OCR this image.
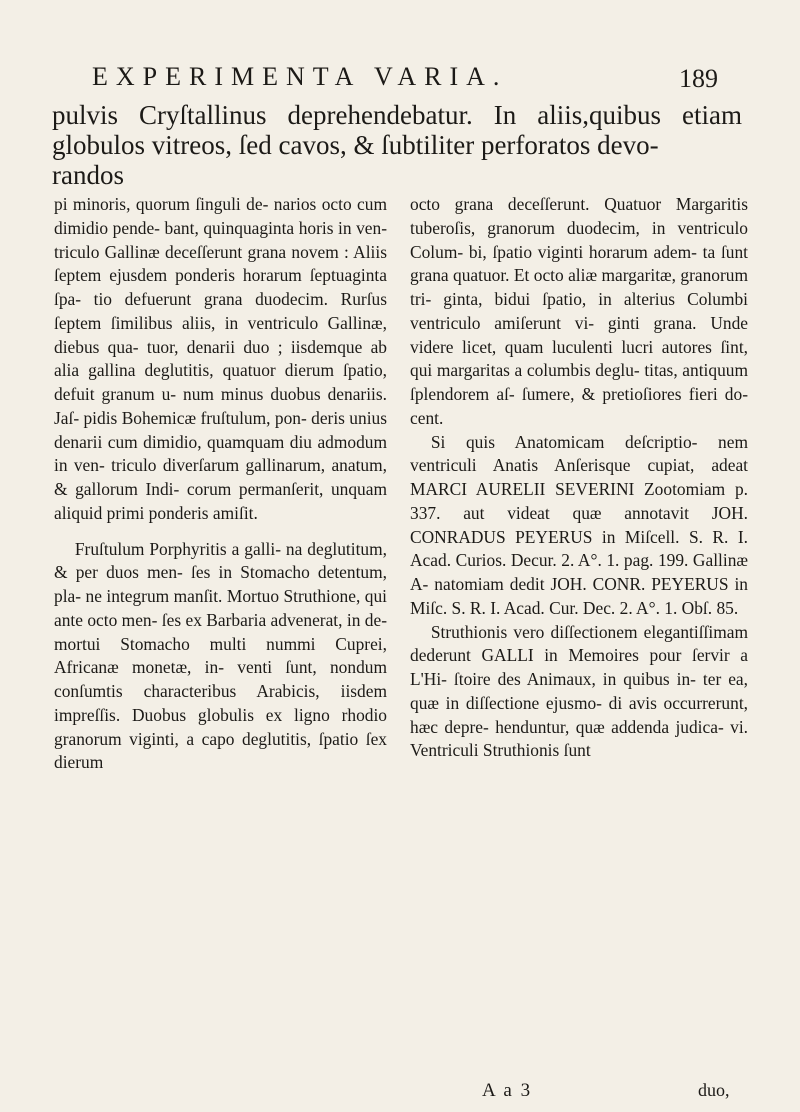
EXPERIMENTA VARIA.	189

pulvis Cryſtallinus deprehendebatur. In aliis,quibus etiam globulos vitreos, ſed cavos, & ſubtiliter perforatos devo-

randos

pi minoris, quorum ſinguli de- narios octo cum dimidio pende- bant, quinquaginta horis in ven- triculo Gallinæ deceſſerunt grana novem : Aliis ſeptem ejusdem ponderis horarum ſeptuaginta ſpa- tio defuerunt grana duodecim. Rurſus ſeptem ſimilibus aliis, in ventriculo Gallinæ, diebus qua- tuor, denarii duo ; iisdemque ab alia gallina deglutitis, quatuor dierum ſpatio, defuit granum u- num minus duobus denariis. Jaſ- pidis Bohemicæ fruſtulum, pon- deris unius denarii cum dimidio, quamquam diu admodum in ven- triculo diverſarum gallinarum, anatum, & gallorum Indi- corum permanſerit, unquam aliquid primi ponderis amiſit.

Fruſtulum Porphyritis a galli- na deglutitum, & per duos men- ſes in Stomacho detentum, pla- ne integrum manſit. Mortuo Struthione, qui ante octo men- ſes ex Barbaria advenerat, in de- mortui Stomacho multi nummi Cuprei, Africanæ monetæ, in- venti ſunt, nondum conſumtis characteribus Arabicis, iisdem impreſſis. Duobus globulis ex ligno rhodio granorum viginti, a capo deglutitis, ſpatio ſex dierum

octo grana deceſſerunt. Quatuor Margaritis tuberoſis, granorum duodecim, in ventriculo Colum- bi, ſpatio viginti horarum adem- ta ſunt grana quatuor. Et octo aliæ margaritæ, granorum tri- ginta, bidui ſpatio, in alterius Columbi ventriculo amiſerunt vi- ginti grana. Unde videre licet, quam luculenti lucri autores ſint, qui margaritas a columbis deglu- titas, antiquum ſplendorem aſ- ſumere, & pretioſiores fieri do- cent.

Si quis Anatomicam deſcriptio- nem ventriculi Anatis Anſerisque cupiat, adeat MARCI AURELII SEVERINI Zootomiam p. 337. aut videat quæ annotavit JOH. CONRADUS PEYERUS in Miſcell. S. R. I. Acad. Curios. Decur. 2. A°. 1. pag. 199. Gallinæ A- natomiam dedit JOH. CONR. PEYERUS in Miſc. S. R. I. Acad. Cur. Dec. 2. A°. 1. Obſ. 85.

Struthionis vero diſſectionem elegantiſſimam dederunt GALLI in Memoires pour ſervir a L'Hi- ſtoire des Animaux, in quibus in- ter ea, quæ in diſſectione ejusmo- di avis occurrerunt, hæc depre- henduntur, quæ addenda judica- vi. Ventriculi Struthionis ſunt

A a 3	duo,
